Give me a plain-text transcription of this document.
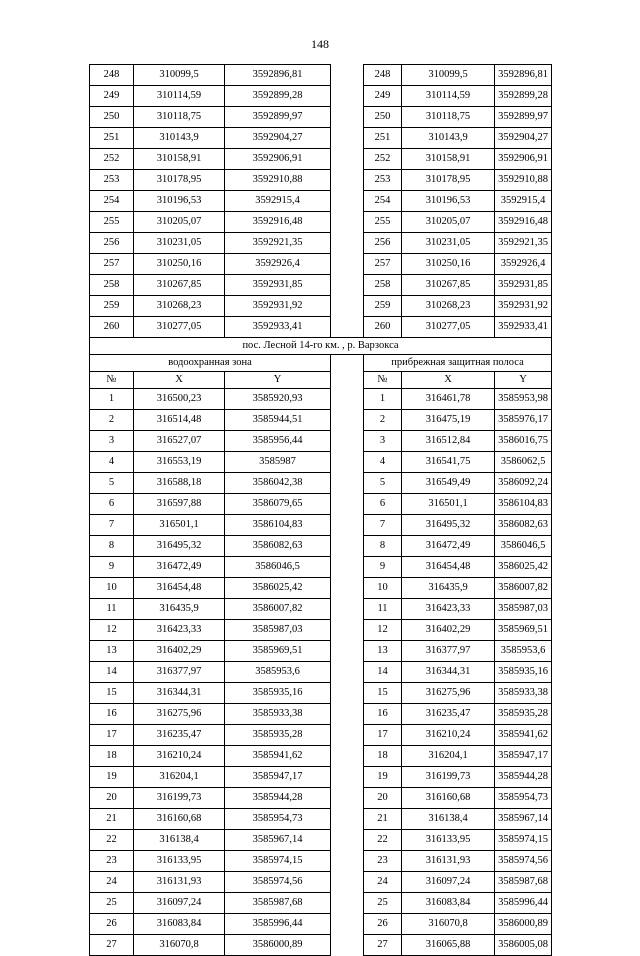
148
248	310099,5	3592896,81		248	310099,5	3592896,81
249	310114,59	3592899,28		249	310114,59	3592899,28
250	310118,75	3592899,97		250	310118,75	3592899,97
251	310143,9	3592904,27		251	310143,9	3592904,27
252	310158,91	3592906,91		252	310158,91	3592906,91
253	310178,95	3592910,88		253	310178,95	3592910,88
254	310196,53	3592915,4		254	310196,53	3592915,4
255	310205,07	3592916,48		255	310205,07	3592916,48
256	310231,05	3592921,35		256	310231,05	3592921,35
257	310250,16	3592926,4		257	310250,16	3592926,4
258	310267,85	3592931,85		258	310267,85	3592931,85
259	310268,23	3592931,92		259	310268,23	3592931,92
260	310277,05	3592933,41		260	310277,05	3592933,41
пос. Лесной 14-го км. , р. Варзокса						
водоохранная зона				прибрежная защитная полоса		
№	X	Y		№	X	Y
1	316500,23	3585920,93		1	316461,78	3585953,98
2	316514,48	3585944,51		2	316475,19	3585976,17
3	316527,07	3585956,44		3	316512,84	3586016,75
4	316553,19	3585987		4	316541,75	3586062,5
5	316588,18	3586042,38		5	316549,49	3586092,24
6	316597,88	3586079,65		6	316501,1	3586104,83
7	316501,1	3586104,83		7	316495,32	3586082,63
8	316495,32	3586082,63		8	316472,49	3586046,5
9	316472,49	3586046,5		9	316454,48	3586025,42
10	316454,48	3586025,42		10	316435,9	3586007,82
11	316435,9	3586007,82		11	316423,33	3585987,03
12	316423,33	3585987,03		12	316402,29	3585969,51
13	316402,29	3585969,51		13	316377,97	3585953,6
14	316377,97	3585953,6		14	316344,31	3585935,16
15	316344,31	3585935,16		15	316275,96	3585933,38
16	316275,96	3585933,38		16	316235,47	3585935,28
17	316235,47	3585935,28		17	316210,24	3585941,62
18	316210,24	3585941,62		18	316204,1	3585947,17
19	316204,1	3585947,17		19	316199,73	3585944,28
20	316199,73	3585944,28		20	316160,68	3585954,73
21	316160,68	3585954,73		21	316138,4	3585967,14
22	316138,4	3585967,14		22	316133,95	3585974,15
23	316133,95	3585974,15		23	316131,93	3585974,56
24	316131,93	3585974,56		24	316097,24	3585987,68
25	316097,24	3585987,68		25	316083,84	3585996,44
26	316083,84	3585996,44		26	316070,8	3586000,89
27	316070,8	3586000,89		27	316065,88	3586005,08
